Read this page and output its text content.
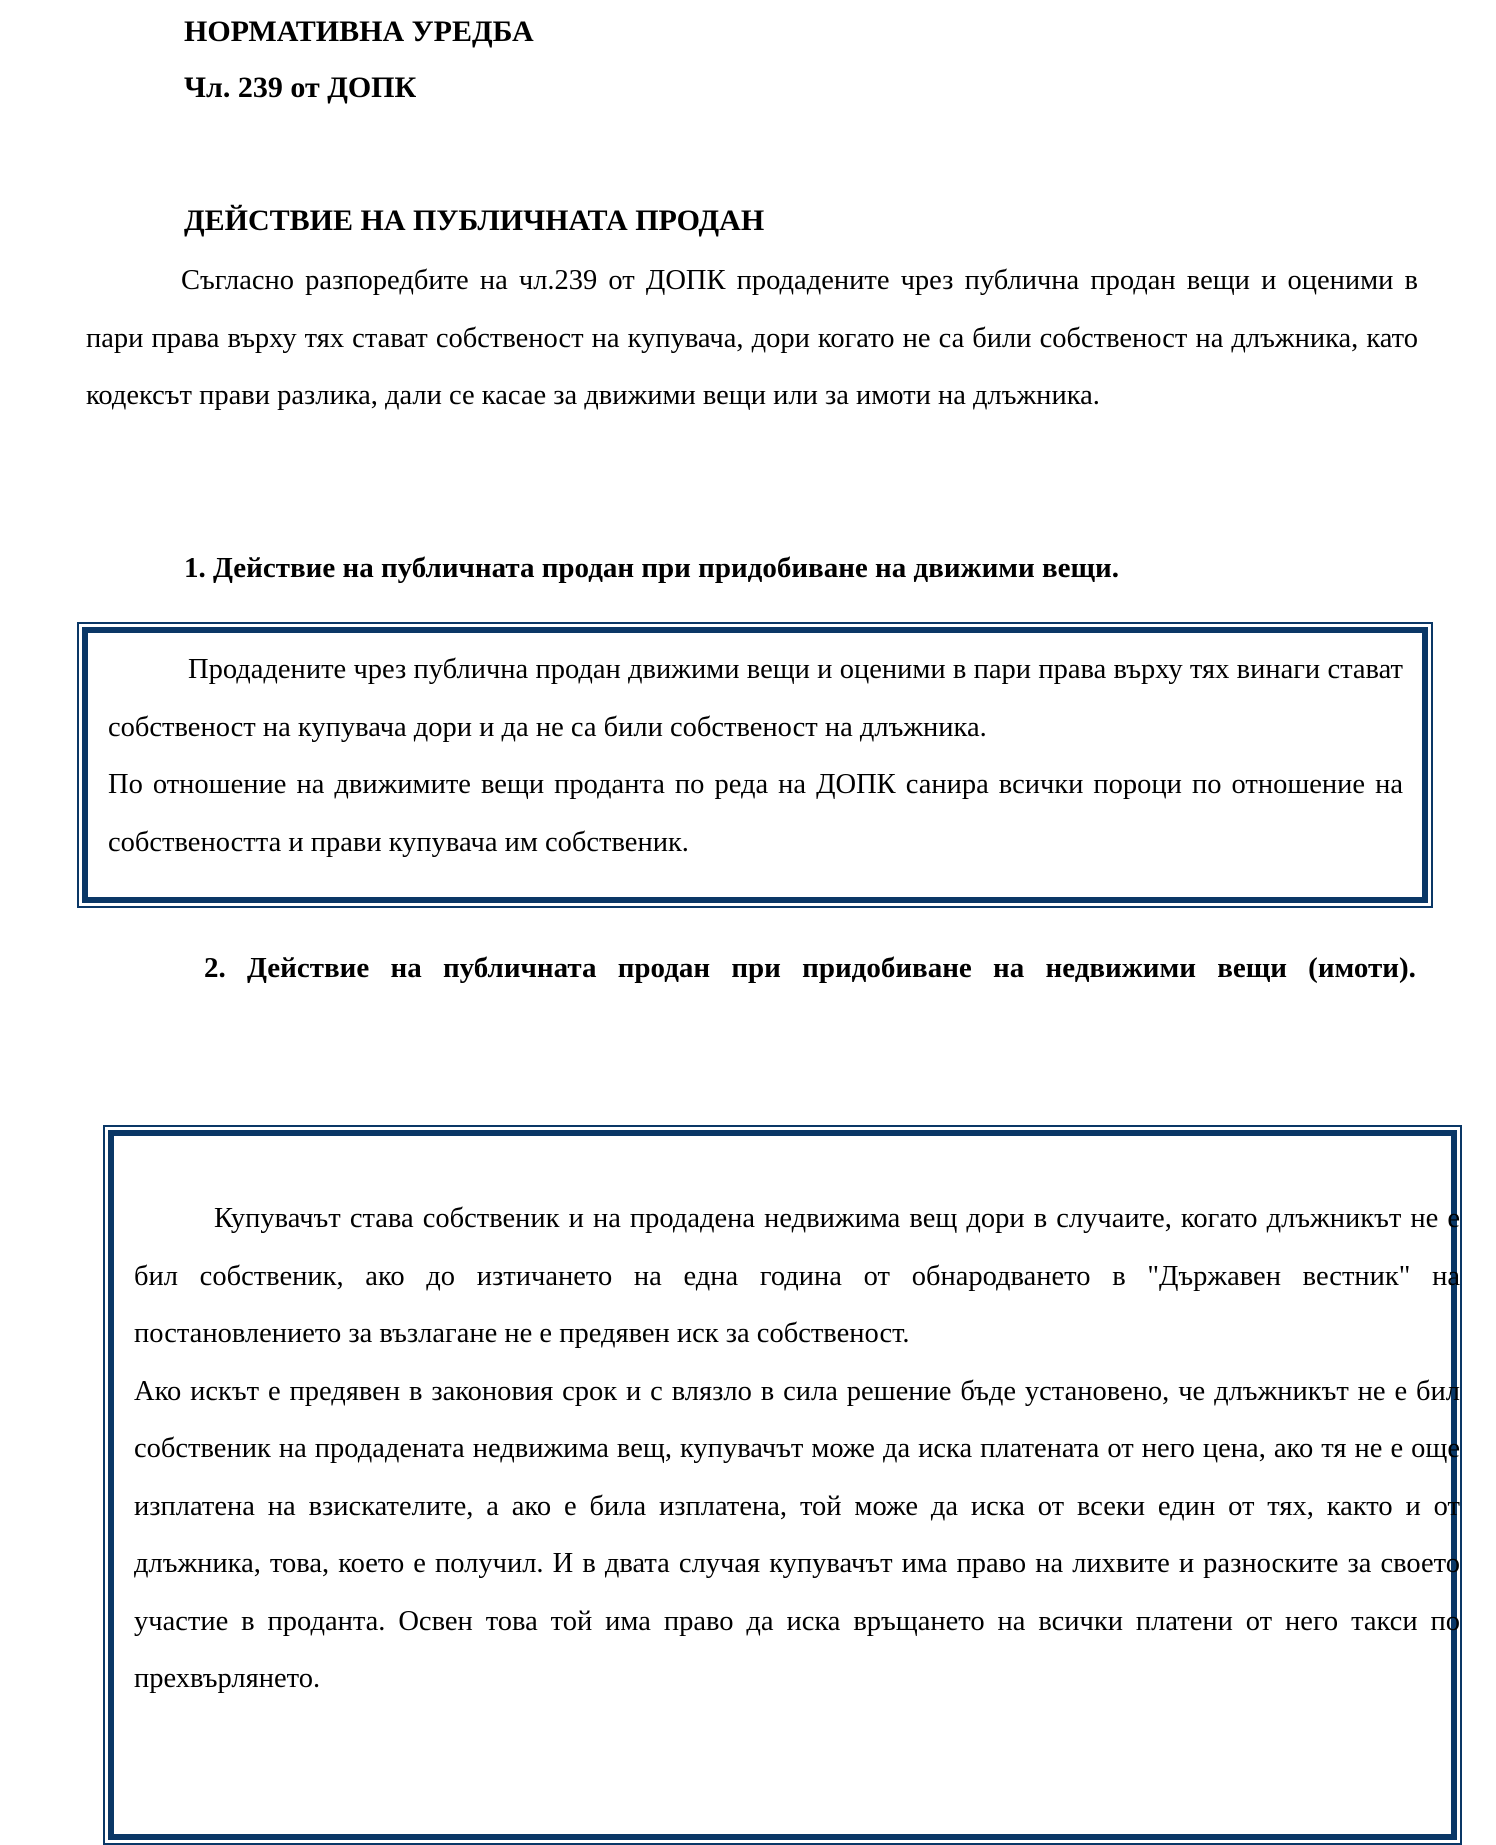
НОРМАТИВНА УРЕДБА
Чл. 239 от ДОПК
ДЕЙСТВИЕ НА ПУБЛИЧНАТА ПРОДАН

Съгласно разпоредбите на чл.239 от ДОПК продадените чрез публична продан вещи и оценими в пари права върху тях стават собственост на купувача, дори когато не са били собственост на длъжника, като кодексът прави разлика, дали се касае за движими вещи или за имоти на длъжника.

1. Действие на публичната продан при придобиване на движими вещи.

Продадените чрез публична продан движими вещи и оценими в пари права върху тях винаги стават собственост на купувача дори и да не са били собственост на длъжника.

По отношение на движимите вещи проданта по реда на ДОПК санира всички пороци по отношение на собствеността и прави купувача им собственик.

2. Действие на публичната продан при придобиване на недвижими вещи (имоти).

Купувачът става собственик и на продадена недвижима вещ дори в случаите, когато длъжникът не е бил собственик, ако до изтичането на една година от обнародването в "Държавен вестник" на постановлението за възлагане не е предявен иск за собственост.

Ако искът е предявен в законовия срок и с влязло в сила решение бъде установено, че длъжникът не е бил собственик на продадената недвижима вещ, купувачът може да иска платената от него цена, ако тя не е още изплатена на взискателите, а ако е била изплатена, той може да иска от всеки един от тях, както и от длъжника, това, което е получил. И в двата случая купувачът има право на лихвите и разноските за своето участие в проданта. Освен това той има право да иска връщането на всички платени от него такси по прехвърлянето.
